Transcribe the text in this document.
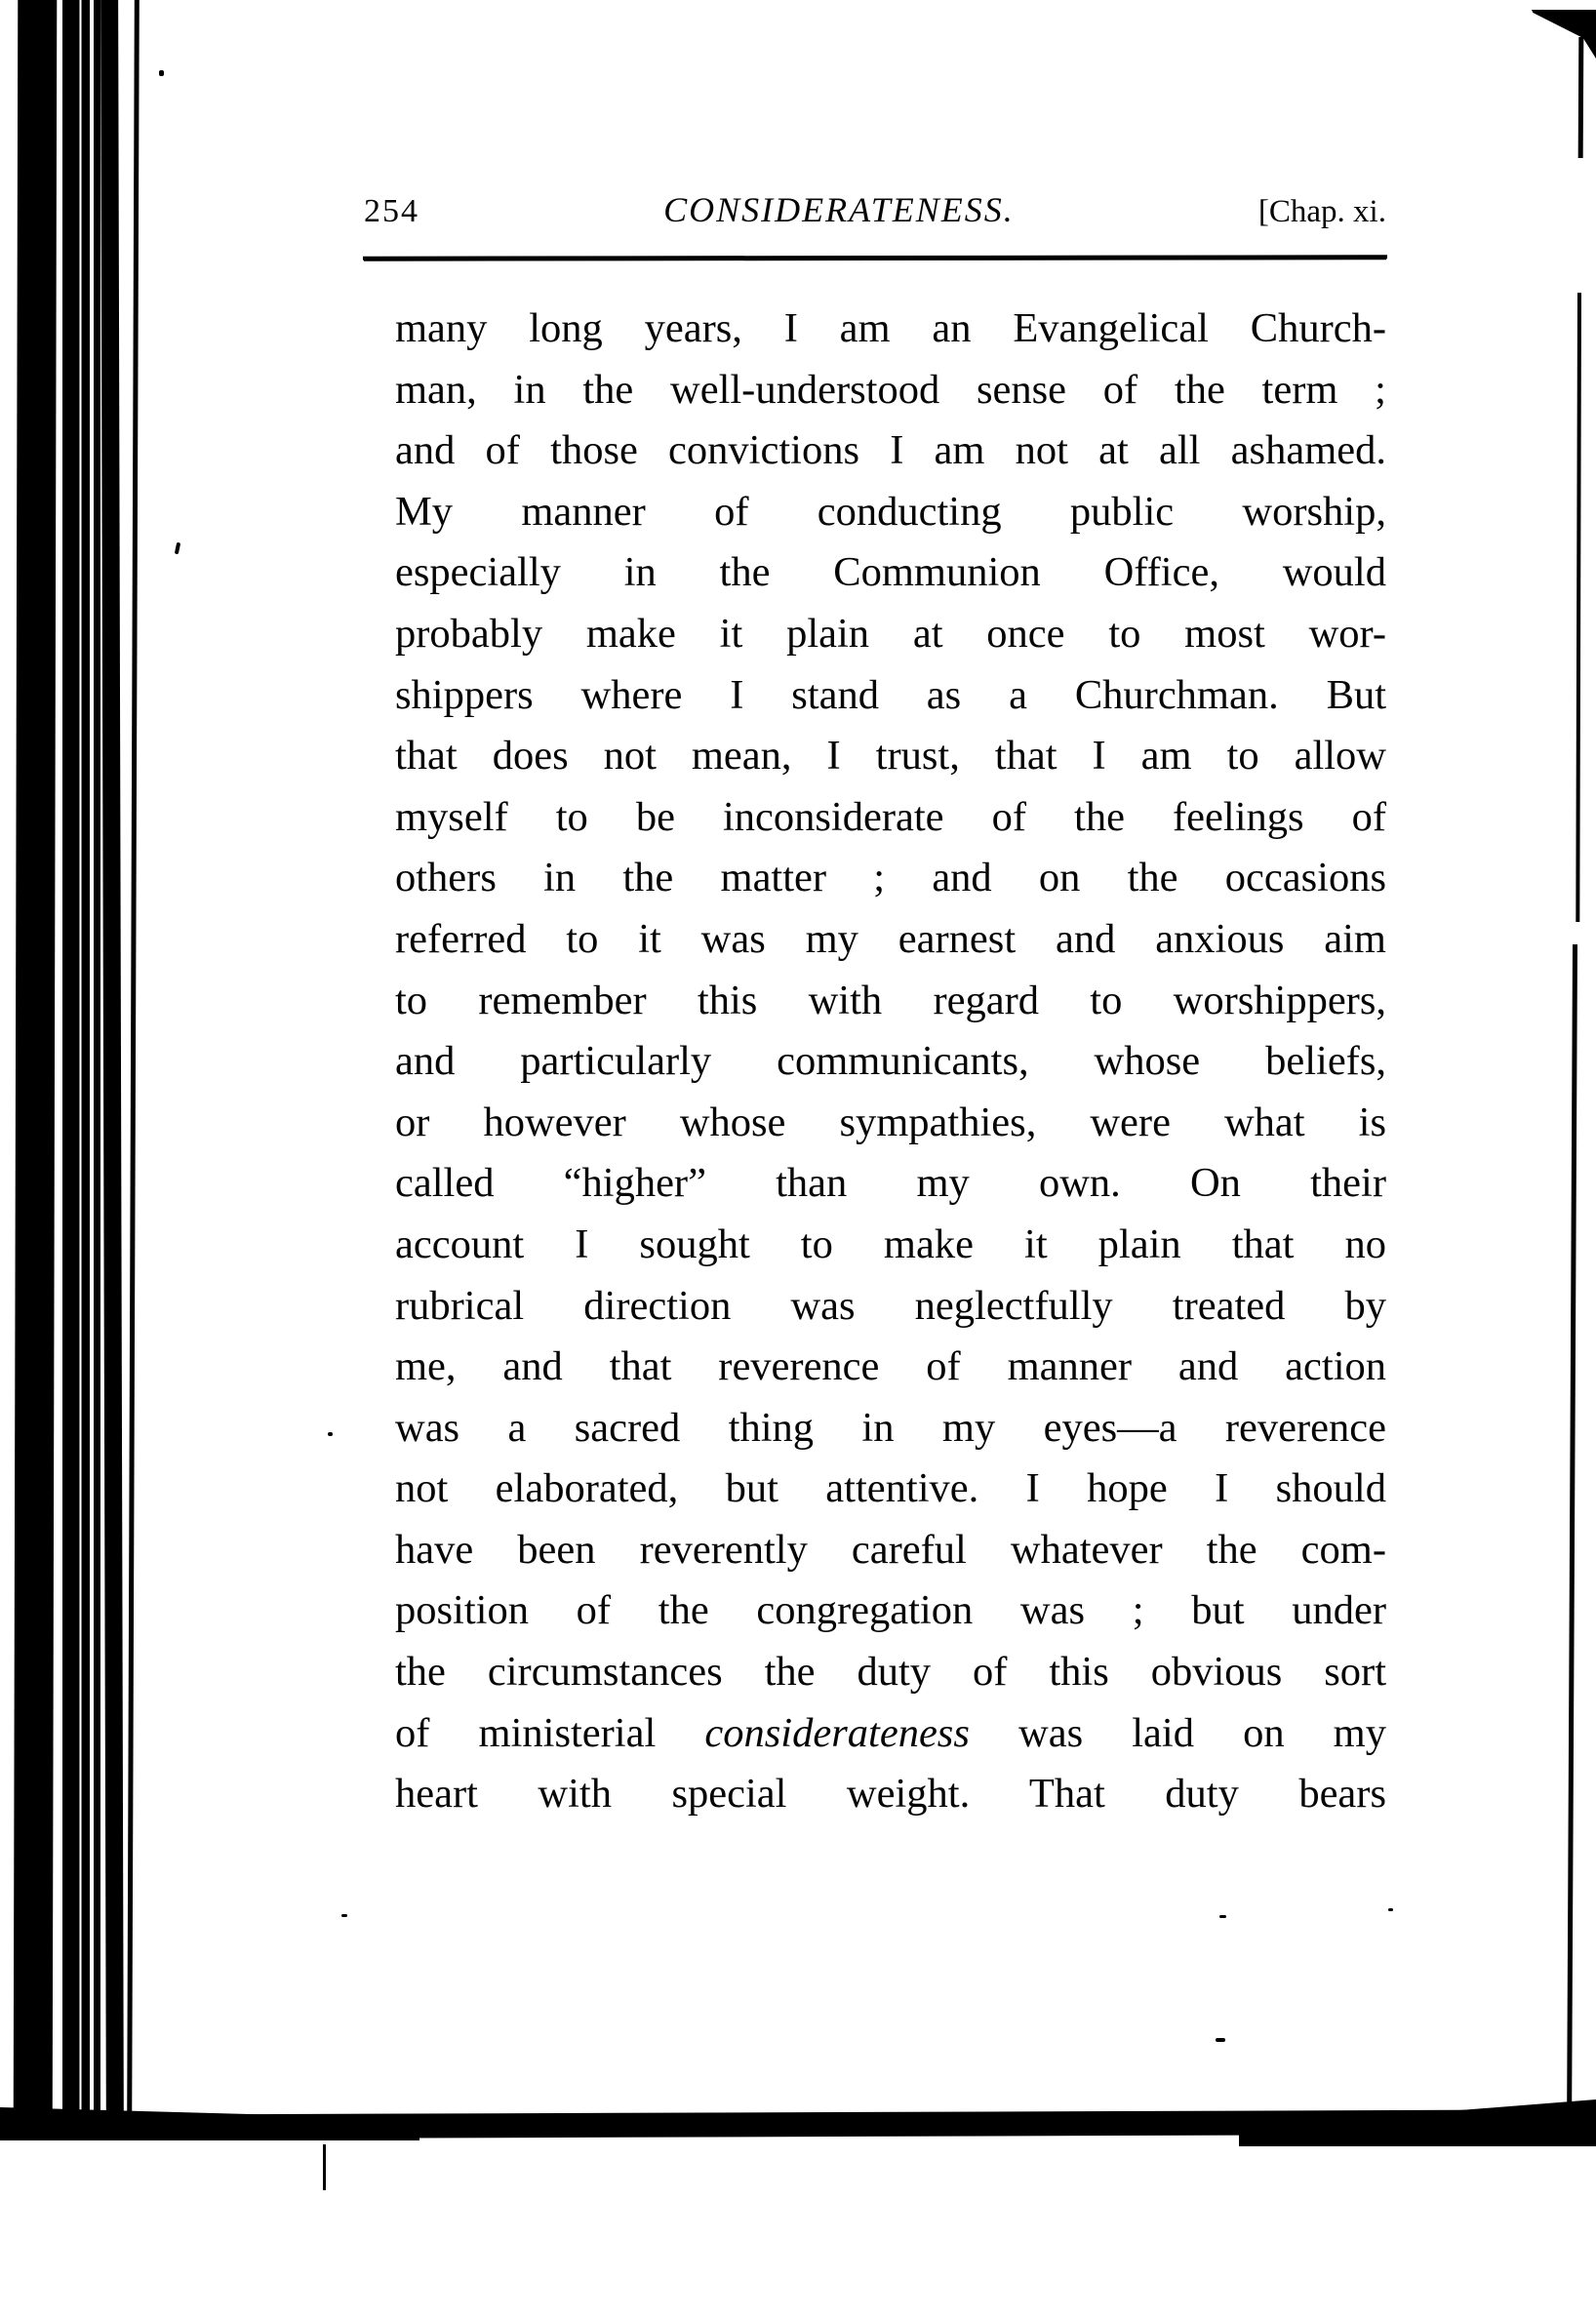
254	CONSIDERATENESS.	[Chap. xi.
many long years, I am an Evangelical Church-
man, in the well-understood sense of the term ;
and of those convictions I am not at all ashamed.
My manner of conducting public worship,
especially in the Communion Office, would
probably make it plain at once to most wor-
shippers where I stand as a Churchman. But
that does not mean, I trust, that I am to allow
myself to be inconsiderate of the feelings of
others in the matter ; and on the occasions
referred to it was my earnest and anxious aim
to remember this with regard to worshippers,
and particularly communicants, whose beliefs,
or however whose sympathies, were what is
called “higher” than my own. On their
account I sought to make it plain that no
rubrical direction was neglectfully treated by
me, and that reverence of manner and action
was a sacred thing in my eyes—a reverence
not elaborated, but attentive. I hope I should
have been reverently careful whatever the com-
position of the congregation was ; but under
the circumstances the duty of this obvious sort
of ministerial considerateness was laid on my
heart with special weight. That duty bears
